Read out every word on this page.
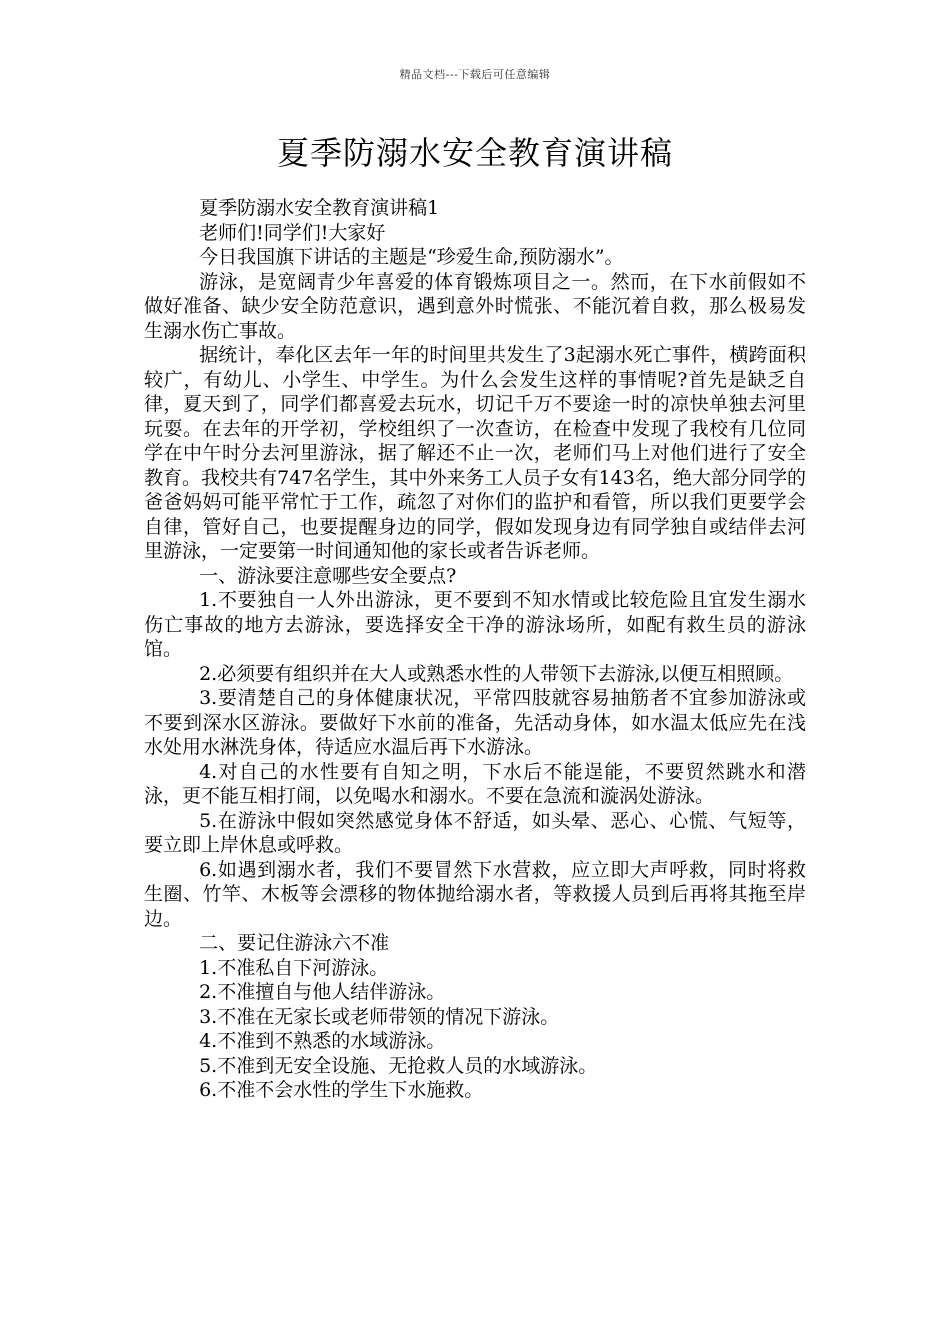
精品文档---下载后可任意编辑
夏季防溺水安全教育演讲稿

夏季防溺水安全教育演讲稿1

老师们!同学们!大家好

今日我国旗下讲话的主题是“珍爱生命,预防溺水”。

游泳，是宽阔青少年喜爱的体育锻炼项目之一。然而，在下水前假如不做好准备、缺少安全防范意识，遇到意外时慌张、不能沉着自救，那么极易发生溺水伤亡事故。

据统计，奉化区去年一年的时间里共发生了3起溺水死亡事件，横跨面积较广，有幼儿、小学生、中学生。为什么会发生这样的事情呢?首先是缺乏自律，夏天到了，同学们都喜爱去玩水，切记千万不要途一时的凉快单独去河里玩耍。在去年的开学初，学校组织了一次查访，在检查中发现了我校有几位同学在中午时分去河里游泳，据了解还不止一次，老师们马上对他们进行了安全教育。我校共有747名学生，其中外来务工人员子女有143名，绝大部分同学的爸爸妈妈可能平常忙于工作，疏忽了对你们的监护和看管，所以我们更要学会自律，管好自己，也要提醒身边的同学，假如发现身边有同学独自或结伴去河里游泳，一定要第一时间通知他的家长或者告诉老师。

一、游泳要注意哪些安全要点?

1.不要独自一人外出游泳，更不要到不知水情或比较危险且宜发生溺水伤亡事故的地方去游泳，要选择安全干净的游泳场所，如配有救生员的游泳馆。

2.必须要有组织并在大人或熟悉水性的人带领下去游泳,以便互相照顾。

3.要清楚自己的身体健康状况，平常四肢就容易抽筋者不宜参加游泳或不要到深水区游泳。要做好下水前的准备，先活动身体，如水温太低应先在浅水处用水淋洗身体，待适应水温后再下水游泳。

4.对自己的水性要有自知之明，下水后不能逞能，不要贸然跳水和潜泳，更不能互相打闹，以免喝水和溺水。不要在急流和漩涡处游泳。

5.在游泳中假如突然感觉身体不舒适，如头晕、恶心、心慌、气短等，要立即上岸休息或呼救。

6.如遇到溺水者，我们不要冒然下水营救，应立即大声呼救，同时将救生圈、竹竿、木板等会漂移的物体抛给溺水者，等救援人员到后再将其拖至岸边。

二、要记住游泳六不准

1.不准私自下河游泳。

2.不准擅自与他人结伴游泳。

3.不准在无家长或老师带领的情况下游泳。

4.不准到不熟悉的水域游泳。

5.不准到无安全设施、无抢救人员的水域游泳。

6.不准不会水性的学生下水施救。
